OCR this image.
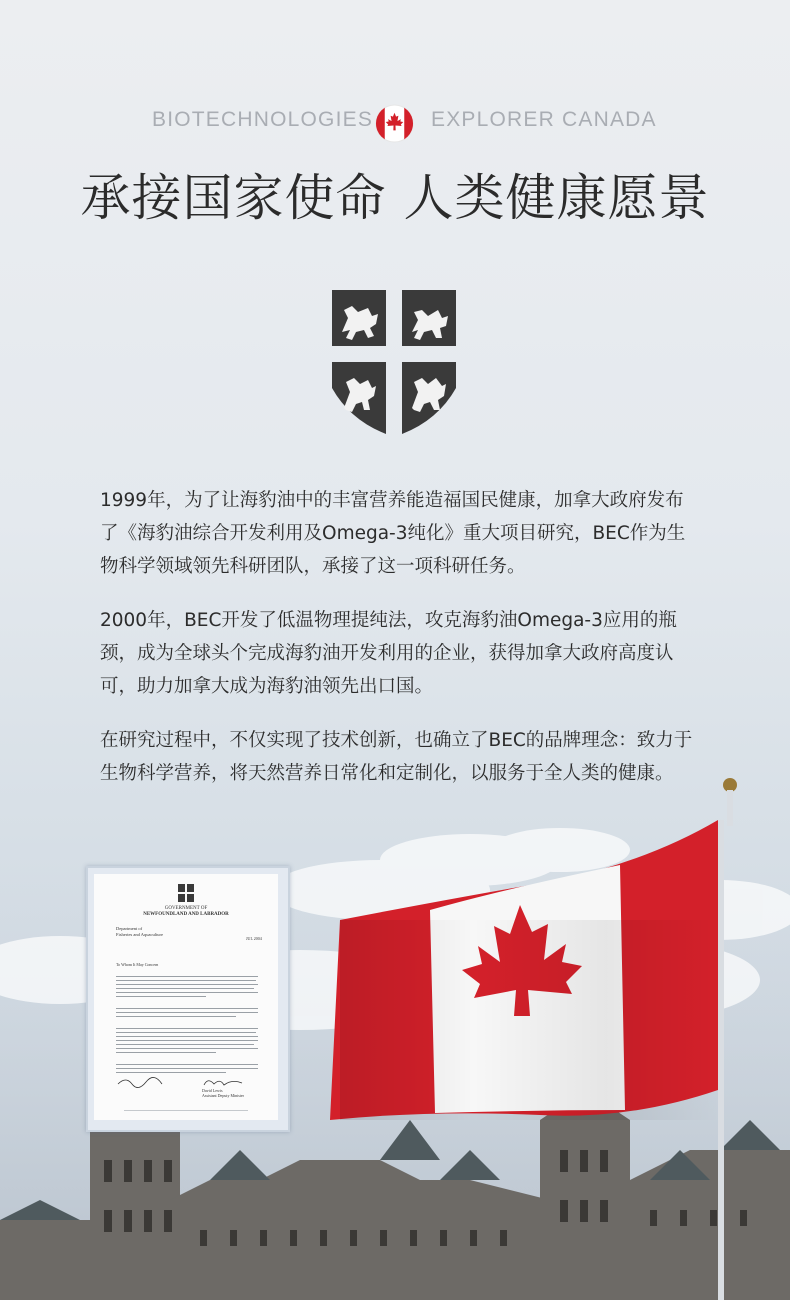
BIOTECHNOLOGIES	EXPLORER CANADA
承接国家使命 人类健康愿景

1999年，为了让海豹油中的丰富营养能造福国民健康，加拿大政府发布了《海豹油综合开发利用及Omega-3纯化》重大项目研究，BEC作为生物科学领域领先科研团队，承接了这一项科研任务。

2000年，BEC开发了低温物理提纯法，攻克海豹油Omega-3应用的瓶颈，成为全球头个完成海豹油开发利用的企业，获得加拿大政府高度认可，助力加拿大成为海豹油领先出口国。

在研究过程中，不仅实现了技术创新，也确立了BEC的品牌理念：致力于生物科学营养，将天然营养日常化和定制化，以服务于全人类的健康。

GOVERNMENT OF
NEWFOUNDLAND AND LABRADOR
Department of
Fisheries and Aquaculture
JUL 2004
To Whom It May Concern
David Lewis
Assistant Deputy Minister
